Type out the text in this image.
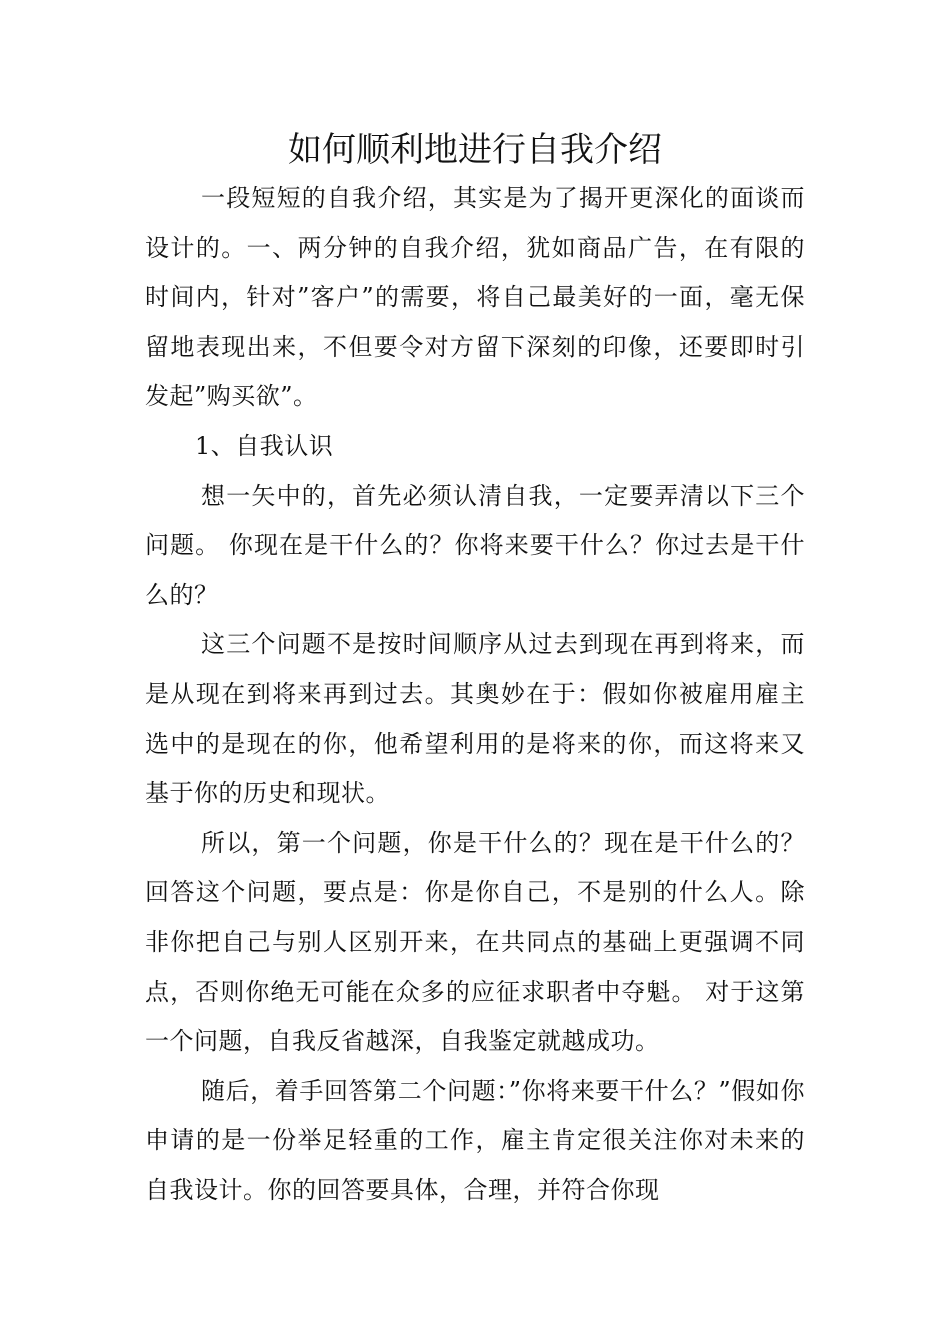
如何顺利地进行自我介绍

一段短短的自我介绍，其实是为了揭开更深化的面谈而设计的。一、两分钟的自我介绍，犹如商品广告，在有限的时间内，针对”客户”的需要，将自己最美好的一面，毫无保留地表现出来，不但要令对方留下深刻的印像，还要即时引发起”购买欲”。

1、自我认识

想一矢中的，首先必须认清自我，一定要弄清以下三个问题。 你现在是干什么的？你将来要干什么？你过去是干什么的？

这三个问题不是按时间顺序从过去到现在再到将来，而是从现在到将来再到过去。其奥妙在于：假如你被雇用雇主选中的是现在的你，他希望利用的是将来的你，而这将来又基于你的历史和现状。

所以，第一个问题，你是干什么的？现在是干什么的？回答这个问题，要点是：你是你自己，不是别的什么人。除非你把自己与别人区别开来，在共同点的基础上更强调不同点，否则你绝无可能在众多的应征求职者中夺魁。 对于这第一个问题，自我反省越深，自我鉴定就越成功。

随后，着手回答第二个问题：”你将来要干什么？”假如你申请的是一份举足轻重的工作，雇主肯定很关注你对未来的自我设计。你的回答要具体，合理，并符合你现
